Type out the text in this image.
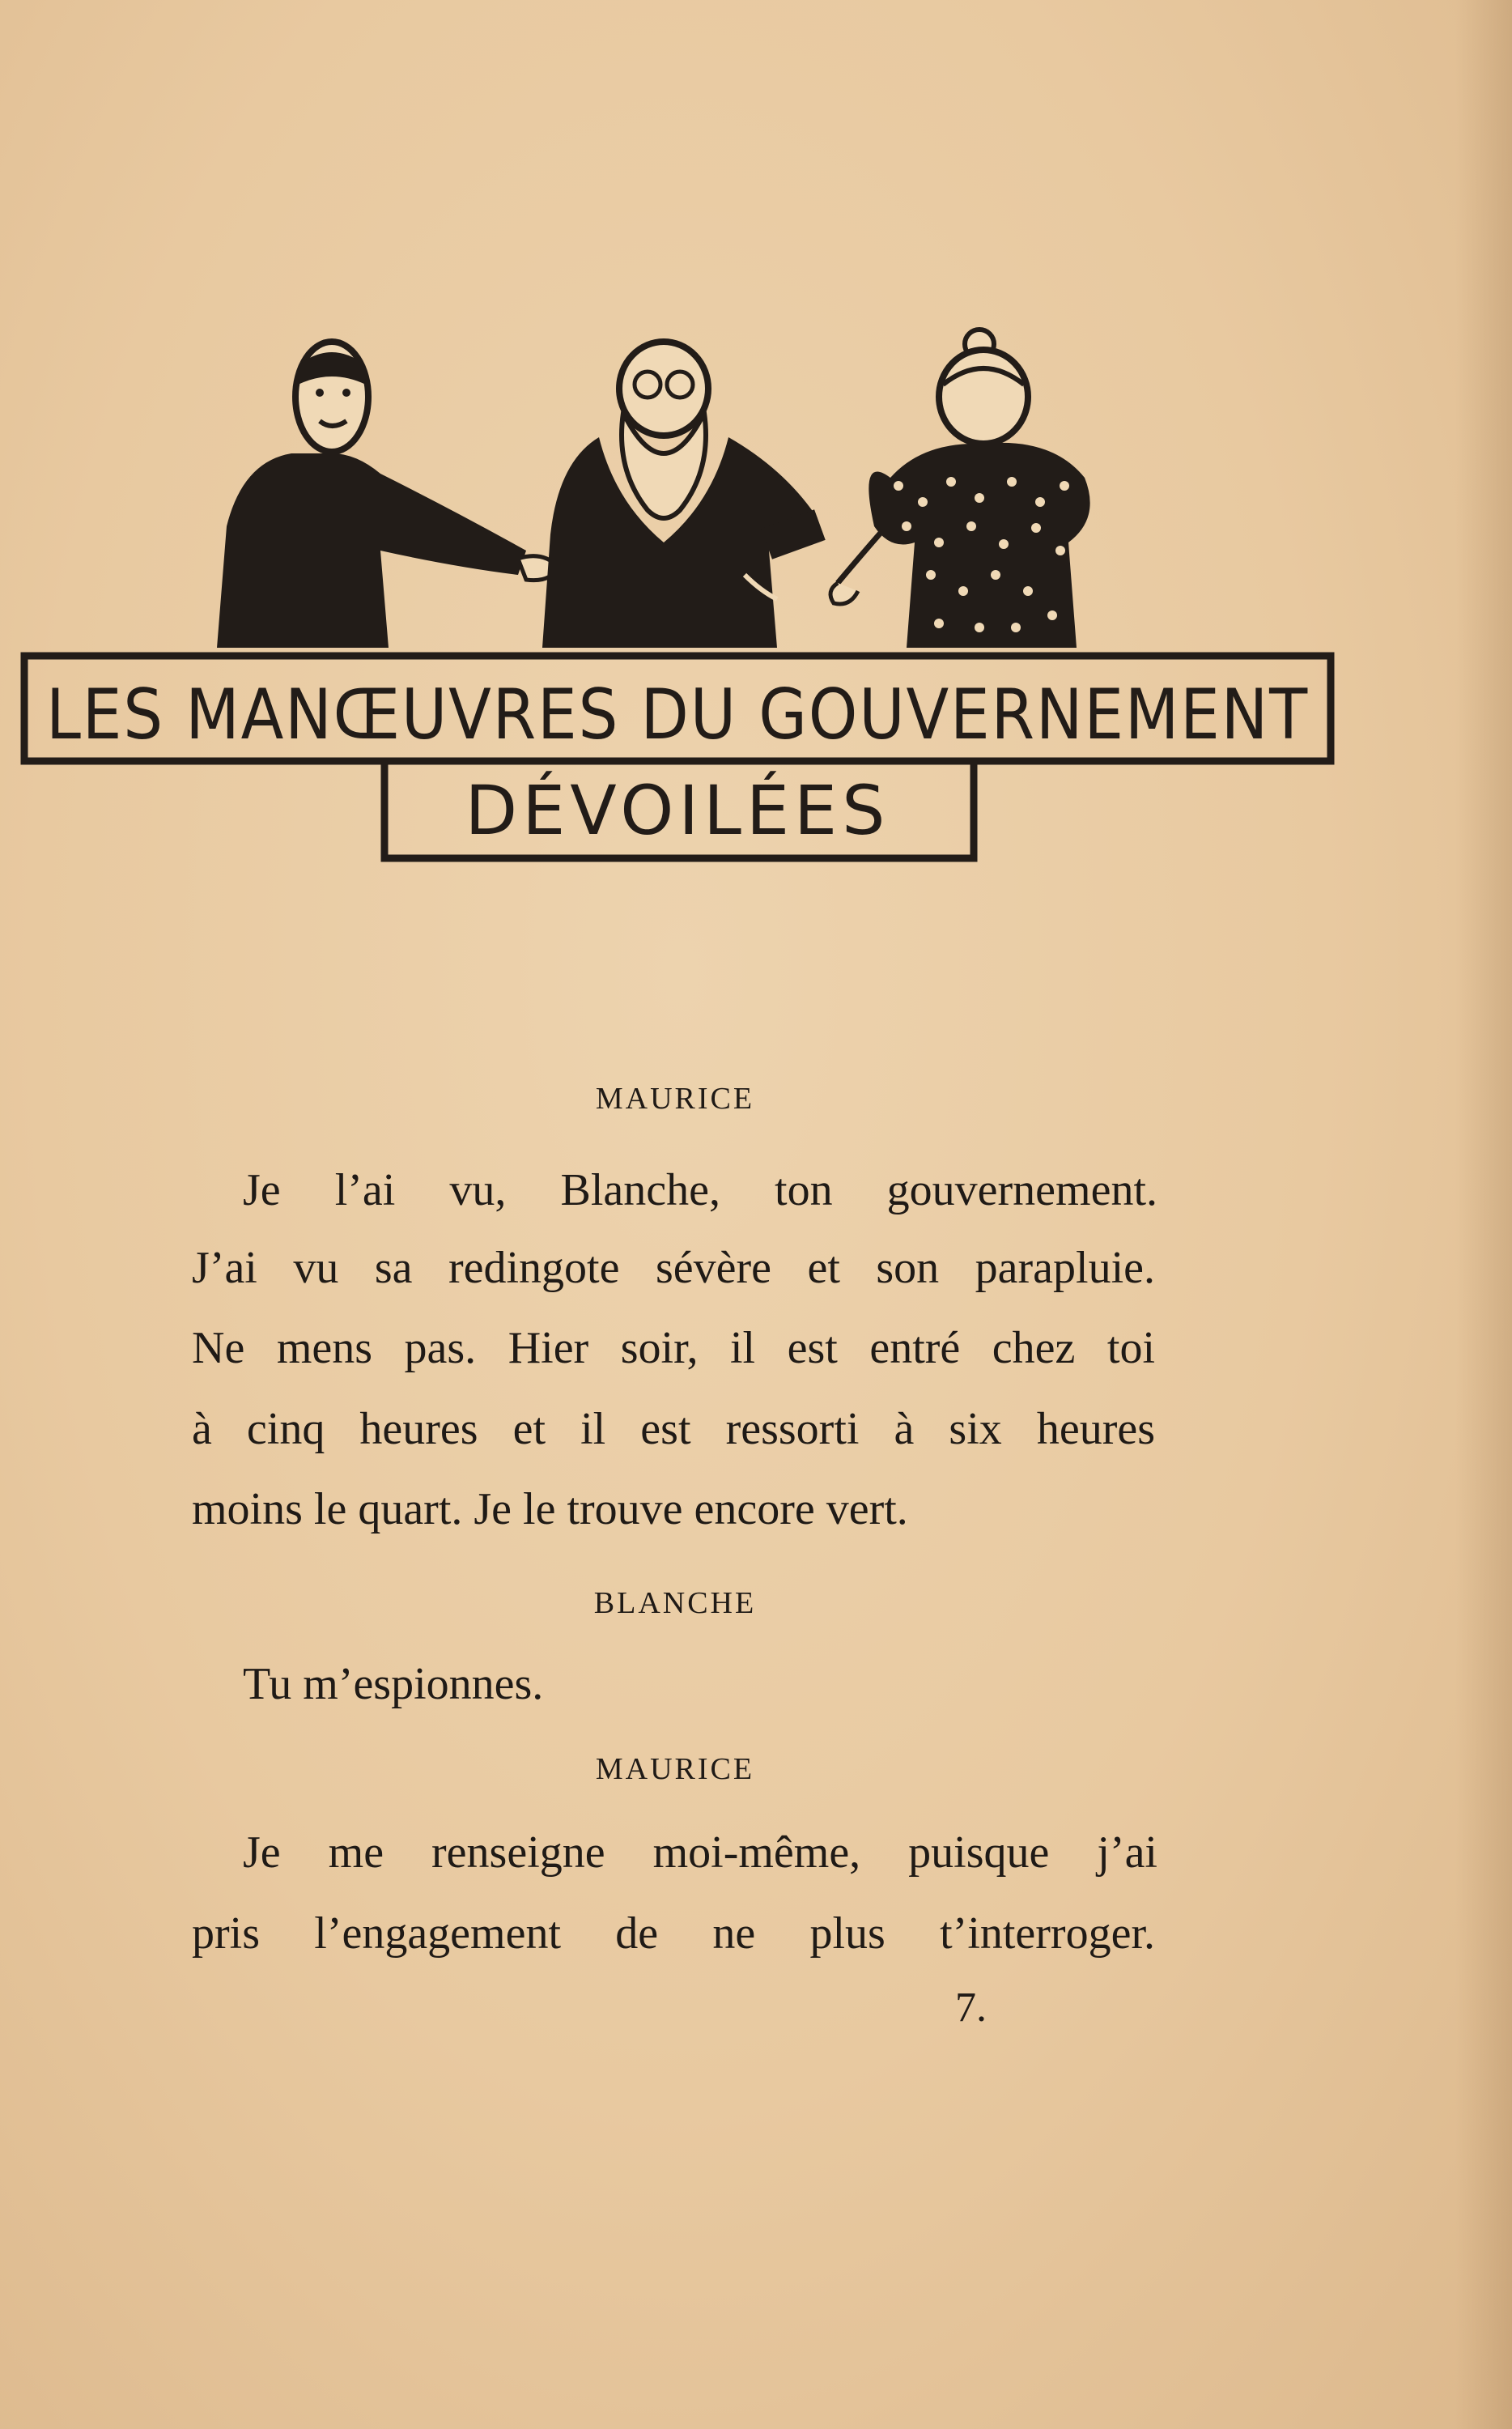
LES MANŒUVRES DU GOUVERNEMENT
DÉVOILÉES
MAURICE
Je l’ai vu, Blanche, ton gouvernement.
J’ai vu sa redingote sévère et son parapluie.
Ne mens pas. Hier soir, il est entré chez toi
à cinq heures et il est ressorti à six heures
moins le quart. Je le trouve encore vert.
BLANCHE
Tu m’espionnes.
MAURICE
Je me renseigne moi-même, puisque j’ai
pris l’engagement de ne plus t’interroger.
7.
